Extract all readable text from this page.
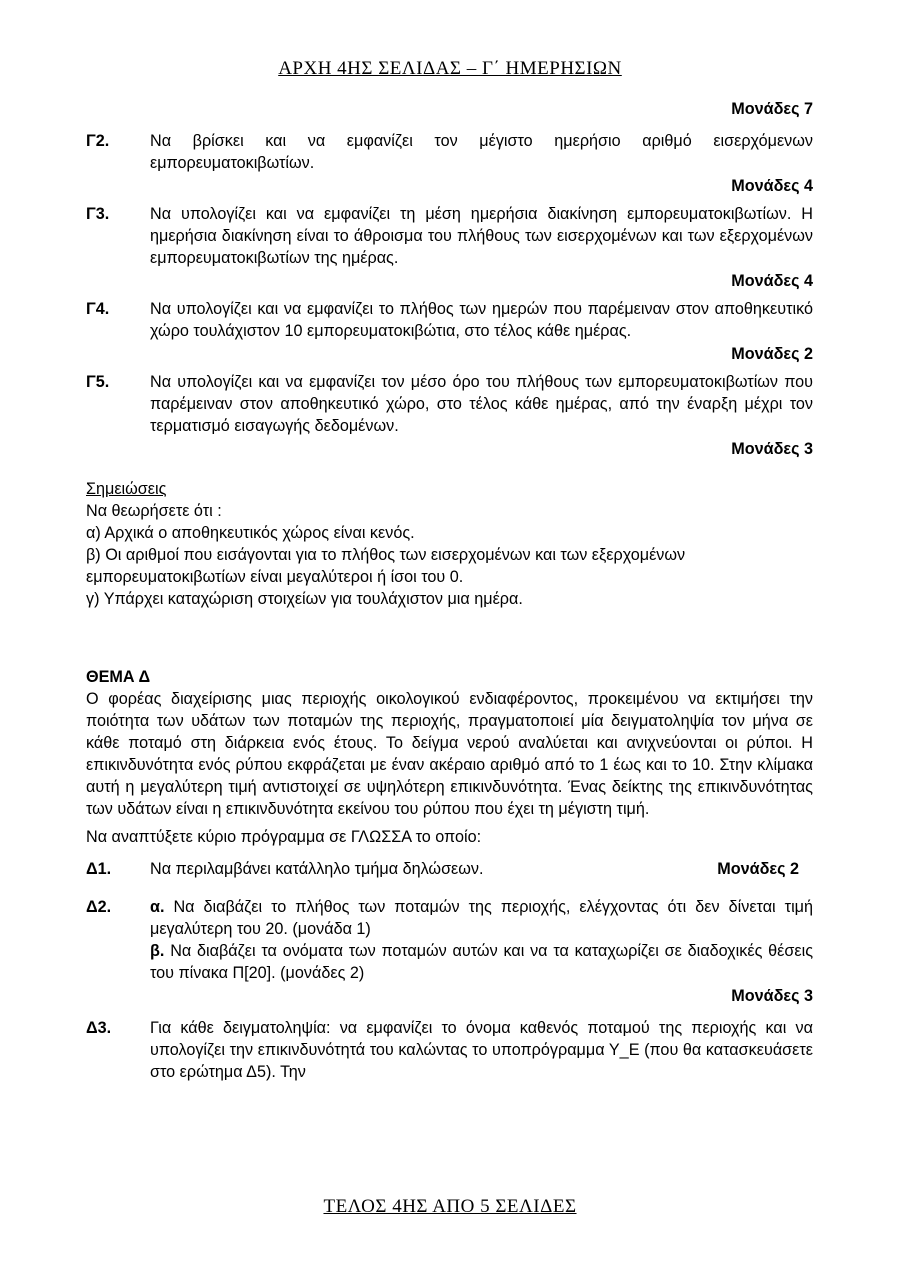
ΑΡΧΗ 4ΗΣ ΣΕΛΙΔΑΣ – Γ΄ ΗΜΕΡΗΣΙΩΝ
Μονάδες 7
Γ2.	Να βρίσκει και να εμφανίζει τον μέγιστο ημερήσιο αριθμό εισερχόμενων εμπορευματοκιβωτίων.
Μονάδες 4
Γ3.	Να υπολογίζει και να εμφανίζει τη μέση ημερήσια διακίνηση εμπορευματοκιβωτίων. Η ημερήσια διακίνηση είναι το άθροισμα του πλήθους των εισερχομένων και των εξερχομένων εμπορευματοκιβωτίων της ημέρας.
Μονάδες 4
Γ4.	Να υπολογίζει και να εμφανίζει το πλήθος των ημερών που παρέμειναν στον αποθηκευτικό χώρο τουλάχιστον 10 εμπορευματοκιβώτια, στο τέλος κάθε ημέρας.
Μονάδες 2
Γ5.	Να υπολογίζει και να εμφανίζει τον μέσο όρο του πλήθους των εμπορευματοκιβωτίων που παρέμειναν στον αποθηκευτικό χώρο, στο τέλος κάθε ημέρας, από την έναρξη μέχρι τον τερματισμό εισαγωγής δεδομένων.
Μονάδες 3
Σημειώσεις
Να θεωρήσετε ότι :
α) Αρχικά ο αποθηκευτικός χώρος είναι κενός.
β) Οι αριθμοί που εισάγονται για το πλήθος των εισερχομένων και των εξερχομένων εμπορευματοκιβωτίων είναι μεγαλύτεροι ή ίσοι του 0.
γ) Υπάρχει καταχώριση στοιχείων για τουλάχιστον μια ημέρα.
ΘΕΜΑ Δ
Ο φορέας διαχείρισης μιας περιοχής οικολογικού ενδιαφέροντος, προκειμένου να εκτιμήσει την ποιότητα των υδάτων των ποταμών της περιοχής, πραγματοποιεί μία δειγματοληψία τον μήνα σε κάθε ποταμό στη διάρκεια ενός έτους. Το δείγμα νερού αναλύεται και ανιχνεύονται οι ρύποι. Η επικινδυνότητα ενός ρύπου εκφράζεται με έναν ακέραιο αριθμό από το 1 έως και το 10. Στην κλίμακα αυτή η μεγαλύτερη τιμή αντιστοιχεί σε υψηλότερη επικινδυνότητα. Ένας δείκτης της επικινδυνότητας των υδάτων είναι η επικινδυνότητα εκείνου του ρύπου που έχει τη μέγιστη τιμή.
Να αναπτύξετε κύριο πρόγραμμα σε ΓΛΩΣΣΑ το οποίο:
Δ1.	Να περιλαμβάνει κατάλληλο τμήμα δηλώσεων.	Μονάδες 2
Δ2.	α. Να διαβάζει το πλήθος των ποταμών της περιοχής, ελέγχοντας ότι δεν δίνεται τιμή μεγαλύτερη του 20. (μονάδα 1)
β. Να διαβάζει τα ονόματα των ποταμών αυτών και να τα καταχωρίζει σε διαδοχικές θέσεις του πίνακα Π[20]. (μονάδες 2)
Μονάδες 3
Δ3.	Για κάθε δειγματοληψία: να εμφανίζει το όνομα καθενός ποταμού της περιοχής και να υπολογίζει την επικινδυνότητά του καλώντας το υποπρόγραμμα Υ_Ε (που θα κατασκευάσετε στο ερώτημα Δ5). Την
ΤΕΛΟΣ 4ΗΣ ΑΠΟ 5 ΣΕΛΙΔΕΣ
